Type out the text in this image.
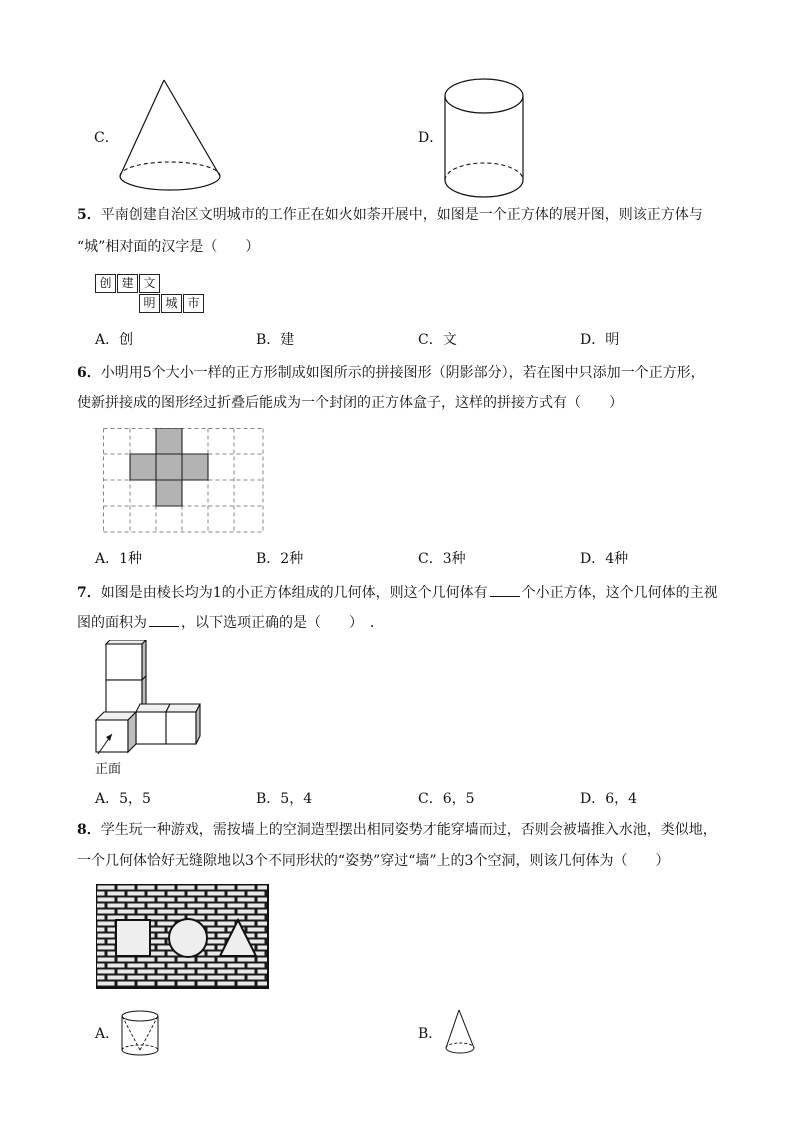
C．	D．
5．平南创建自治区文明城市的工作正在如火如荼开展中，如图是一个正方体的展开图，则该正方体与
“城”相对面的汉字是（　　）
创 建 文
明 城 市
A．创	B．建	C．文	D．明
6．小明用5个大小一样的正方形制成如图所示的拼接图形（阴影部分），若在图中只添加一个正方形，
使新拼接成的图形经过折叠后能成为一个封闭的正方体盒子，这样的拼接方式有（　　）
A．1种	B．2种	C．3种	D．4种
7．如图是由棱长均为1的小正方体组成的几何体，则这个几何体有 个小正方体，这个几何体的主视
图的面积为 ，以下选项正确的是（　　）　．
正面
A．5，5	B．5，4	C．6，5	D．6，4
8．学生玩一种游戏，需按墙上的空洞造型摆出相同姿势才能穿墙而过，否则会被墙推入水池，类似地，
一个几何体恰好无缝隙地以3个不同形状的“姿势”穿过“墙”上的3个空洞，则该几何体为（　　）
A．	B．
